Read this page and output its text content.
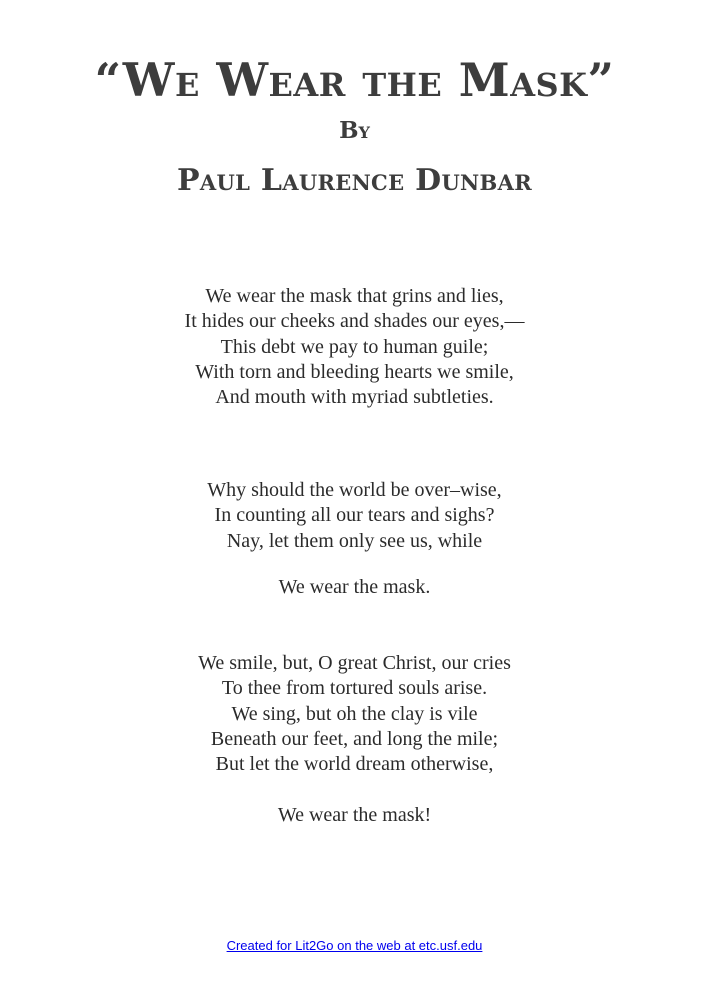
“We Wear the Mask”
By
Paul Laurence Dunbar
We wear the mask that grins and lies,
It hides our cheeks and shades our eyes,—
This debt we pay to human guile;
With torn and bleeding hearts we smile,
And mouth with myriad subtleties.
Why should the world be over–wise,
In counting all our tears and sighs?
Nay, let them only see us, while
We wear the mask.
We smile, but, O great Christ, our cries
To thee from tortured souls arise.
We sing, but oh the clay is vile
Beneath our feet, and long the mile;
But let the world dream otherwise,
We wear the mask!
Created for Lit2Go on the web at etc.usf.edu
